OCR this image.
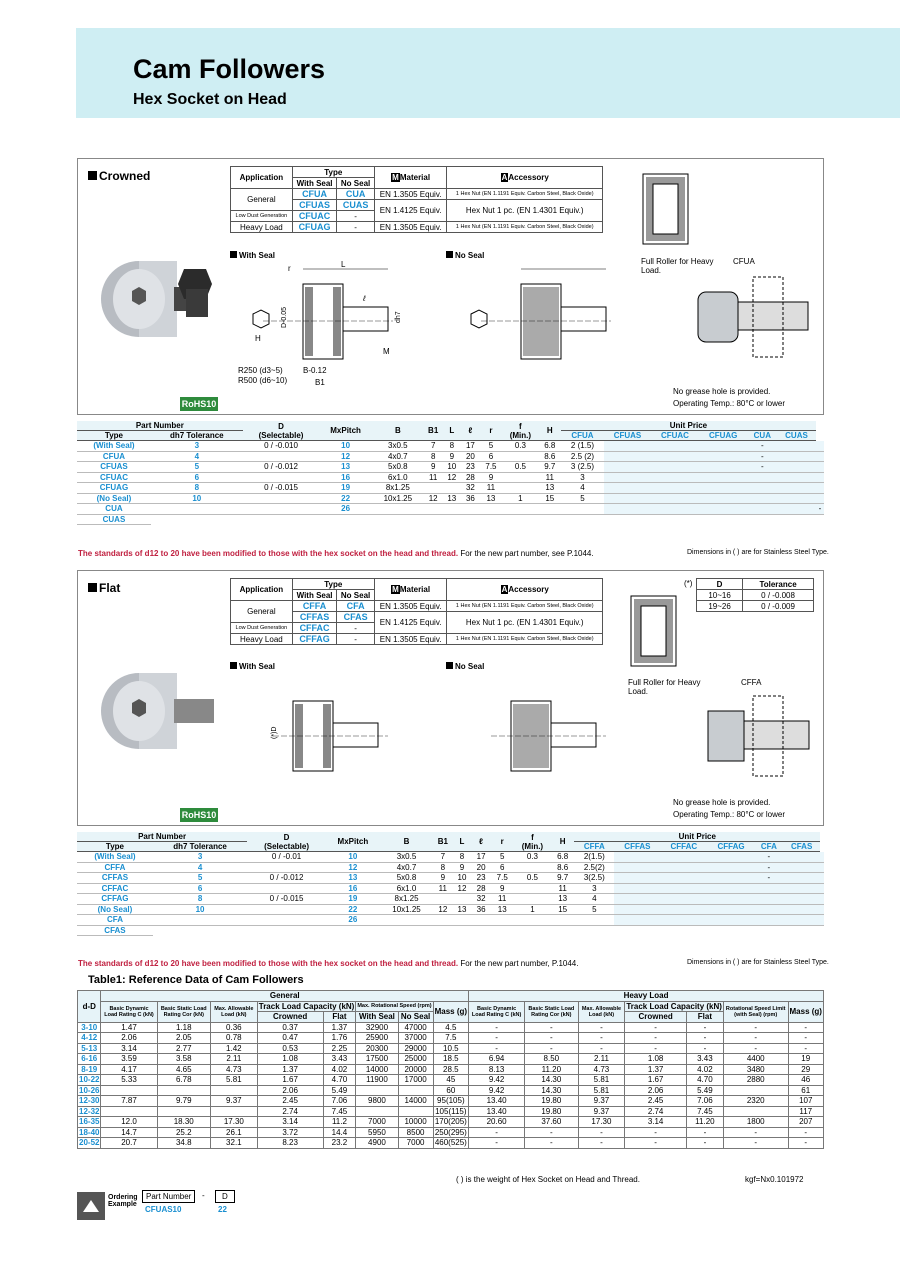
Cam Followers
Hex Socket on Head
Crowned
RoHS10
Application	Type		MMaterial	AAccessory
	With Seal	No Seal		
General	CFUA	CUA	EN 1.3505 Equiv.	1 Hex Nut (EN 1.1191 Equiv. Carbon Steel, Black Oxide)
	CFUAS	CUAS	EN 1.4125 Equiv.	Hex Nut 1 pc. (EN 1.4301 Equiv.)
Low Dust Generation	CFUAC	-		
Heavy Load	CFUAG	-	EN 1.3505 Equiv.	1 Hex Nut (EN 1.1191 Equiv. Carbon Steel, Black Oxide)
With Seal	No Seal
L
ℓ
r
dh7
D-0.05
M
H
B-0.12
B1
R250 (d3~5)
R500 (d6~10)
Full Roller for Heavy Load.
CFUA
No grease hole is provided.
Operating Temp.: 80°C or lower
Part Number		D
(Selectable)	MxPitch	B	B1	L	ℓ	r	f
(Min.)	H	Unit Price						
Type	dh7 Tolerance										CFUA	CFUAS	CFUAC	CFUAG	CUA	CUAS	
(With Seal)	3	0 / -0.010	10	3x0.5	7	8	17	5	0.3	6.8	2 (1.5)				-		
CFUA	4		12	4x0.7	8	9	20	6		8.6	2.5 (2)				-		
CFUAS	5	0 / -0.012	13	5x0.8	9	10	23	7.5	0.5	9.7	3 (2.5)				-		
CFUAC	6		16	6x1.0	11	12	28	9		11	3						
CFUAG	8	0 / -0.015	19	8x1.25			32	11		13	4						
(No Seal)	10		22	10x1.25	12	13	36	13	1	15	5						
CUA			26														-
CUAS																	
The standards of d12 to 20 have been modified to those with the hex socket on the head and thread. For the new part number, see P.1044.	Dimensions in ( ) are for Stainless Steel Type.
Flat
RoHS10
Application	Type		MMaterial	AAccessory
	With Seal	No Seal		
General	CFFA	CFA	EN 1.3505 Equiv.	1 Hex Nut (EN 1.1191 Equiv. Carbon Steel, Black Oxide)
	CFFAS	CFAS	EN 1.4125 Equiv.	Hex Nut 1 pc. (EN 1.4301 Equiv.)
Low Dust Generation	CFFAC	-		
Heavy Load	CFFAG	-	EN 1.3505 Equiv.	1 Hex Nut (EN 1.1191 Equiv. Carbon Steel, Black Oxide)
(*)	D	Tolerance
10~16	0 / -0.008
19~26	0 / -0.009
With Seal	No Seal
(*)D
Full Roller for Heavy Load.
CFFA
No grease hole is provided.
Operating Temp.: 80°C or lower
Part Number		D
(Selectable)	MxPitch	B	B1	L	ℓ	r	f
(Min.)	H	Unit Price						
Type	dh7 Tolerance										CFFA	CFFAS	CFFAC	CFFAG	CFA	CFAS	
(With Seal)	3	0 / -0.01	10	3x0.5	7	8	17	5	0.3	6.8	2(1.5)				-		
CFFA	4		12	4x0.7	8	9	20	6		8.6	2.5(2)				-		
CFFAS	5	0 / -0.012	13	5x0.8	9	10	23	7.5	0.5	9.7	3(2.5)				-		
CFFAC	6		16	6x1.0	11	12	28	9		11	3						
CFFAG	8	0 / -0.015	19	8x1.25			32	11		13	4						
(No Seal)	10		22	10x1.25	12	13	36	13	1	15	5						
CFA			26														
CFAS																	
The standards of d12 to 20 have been modified to those with the hex socket on the head and thread. For the new part number, P.1044.	Dimensions in ( ) are for Stainless Steel Type.
Table1: Reference Data of Cam Followers
d-D	General								Heavy Load						
	Basic Dynamic Load Rating C (kN)	Basic Static Load Rating Cor (kN)	Max. Allowable Load (kN)	Track Load Capacity (kN)		Max. Rotational Speed (rpm)		Mass (g)	Basic Dynamic Load Rating C (kN)	Basic Static Load Rating Cor (kN)	Max. Allowable Load (kN)	Track Load Capacity (kN)		Rotational Speed Limit (with Seal) (rpm)	Mass (g)
				Crowned	Flat	With Seal	No Seal					Crowned	Flat		
3-10	1.47	1.18	0.36	0.37	1.37	32900	47000	4.5	-	-	-	-	-	-	-
4-12	2.06	2.05	0.78	0.47	1.76	25900	37000	7.5	-	-	-	-	-	-	-
5-13	3.14	2.77	1.42	0.53	2.25	20300	29000	10.5	-	-	-	-	-	-	-
6-16	3.59	3.58	2.11	1.08	3.43	17500	25000	18.5	6.94	8.50	2.11	1.08	3.43	4400	19
8-19	4.17	4.65	4.73	1.37	4.02	14000	20000	28.5	8.13	11.20	4.73	1.37	4.02	3480	29
10-22	5.33	6.78	5.81	1.67	4.70	11900	17000	45	9.42	14.30	5.81	1.67	4.70	2880	46
10-26				2.06	5.49			60	9.42	14.30	5.81	2.06	5.49		61
12-30	7.87	9.79	9.37	2.45	7.06	9800	14000	95(105)	13.40	19.80	9.37	2.45	7.06	2320	107
12-32				2.74	7.45			105(115)	13.40	19.80	9.37	2.74	7.45		117
16-35	12.0	18.30	17.30	3.14	11.2	7000	10000	170(205)	20.60	37.60	17.30	3.14	11.20	1800	207
18-40	14.7	25.2	26.1	3.72	14.4	5950	8500	250(295)	-	-	-	-	-	-	-
20-52	20.7	34.8	32.1	8.23	23.2	4900	7000	460(525)	-	-	-	-	-	-	-
( ) is the weight of Hex Socket on Head and Thread.	kgf=Nx0.101972
Ordering
Example
Part Number	-	D
CFUAS10	22
